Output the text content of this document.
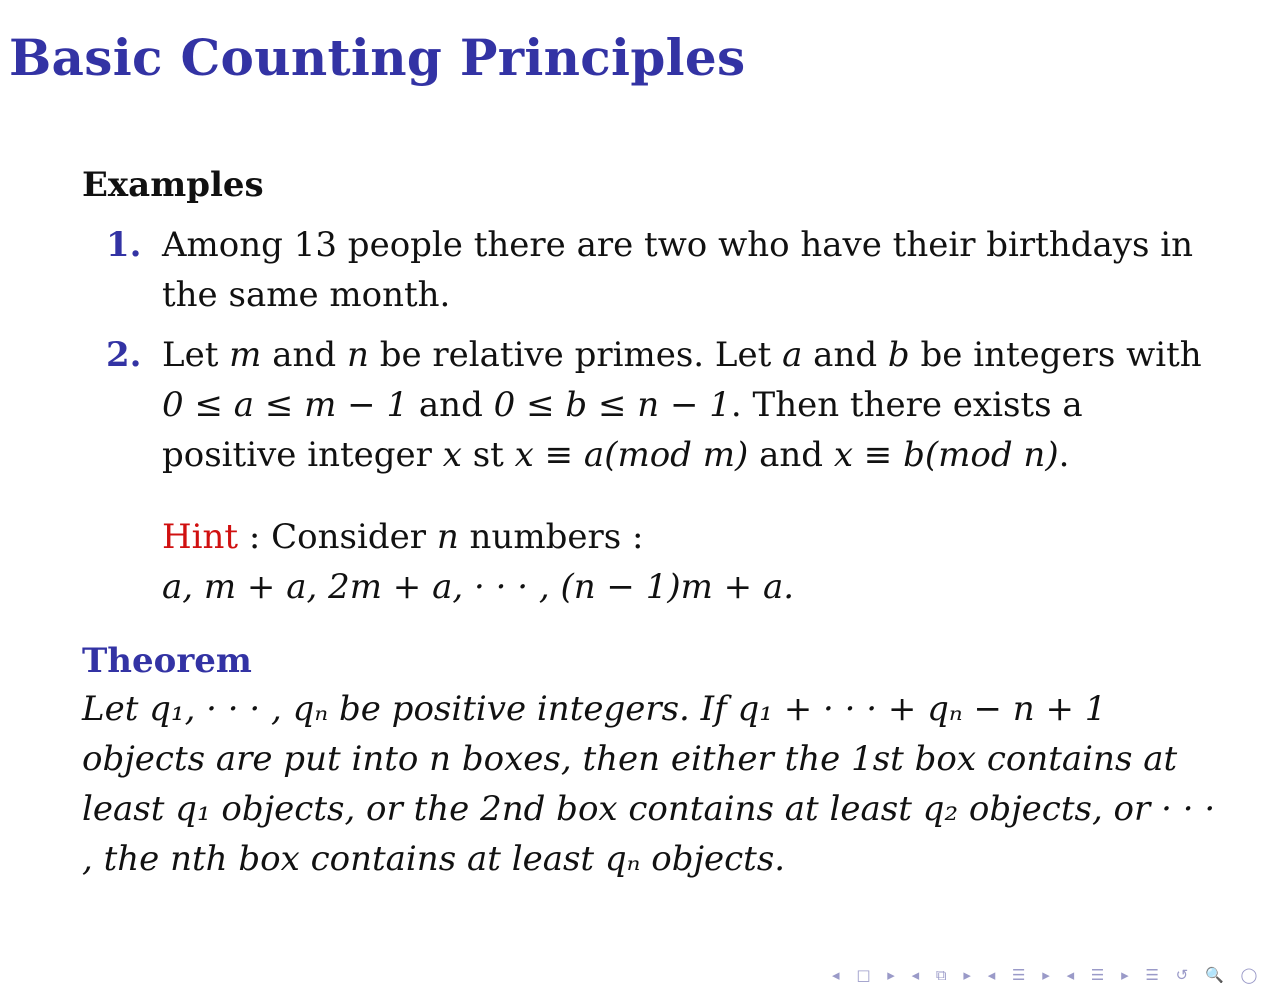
Basic Counting Principles
Examples
1. Among 13 people there are two who have their birthdays in the same month.
2. Let m and n be relative primes. Let a and b be integers with 0 ≤ a ≤ m − 1 and 0 ≤ b ≤ n − 1. Then there exists a positive integer x st x ≡ a(mod m) and x ≡ b(mod n).
Hint : Consider n numbers :
a, m + a, 2m + a, · · · , (n − 1)m + a.
Theorem
Let q₁, · · · , qₙ be positive integers. If q₁ + · · · + qₙ − n + 1 objects are put into n boxes, then either the 1st box contains at least q₁ objects, or the 2nd box contains at least q₂ objects, or · · · , the nth box contains at least qₙ objects.
◂ □ ▸ ◂ ⧉ ▸ ◂ ☰ ▸ ◂ ☰ ▸ ☰ ↺ 🔍 ◯
